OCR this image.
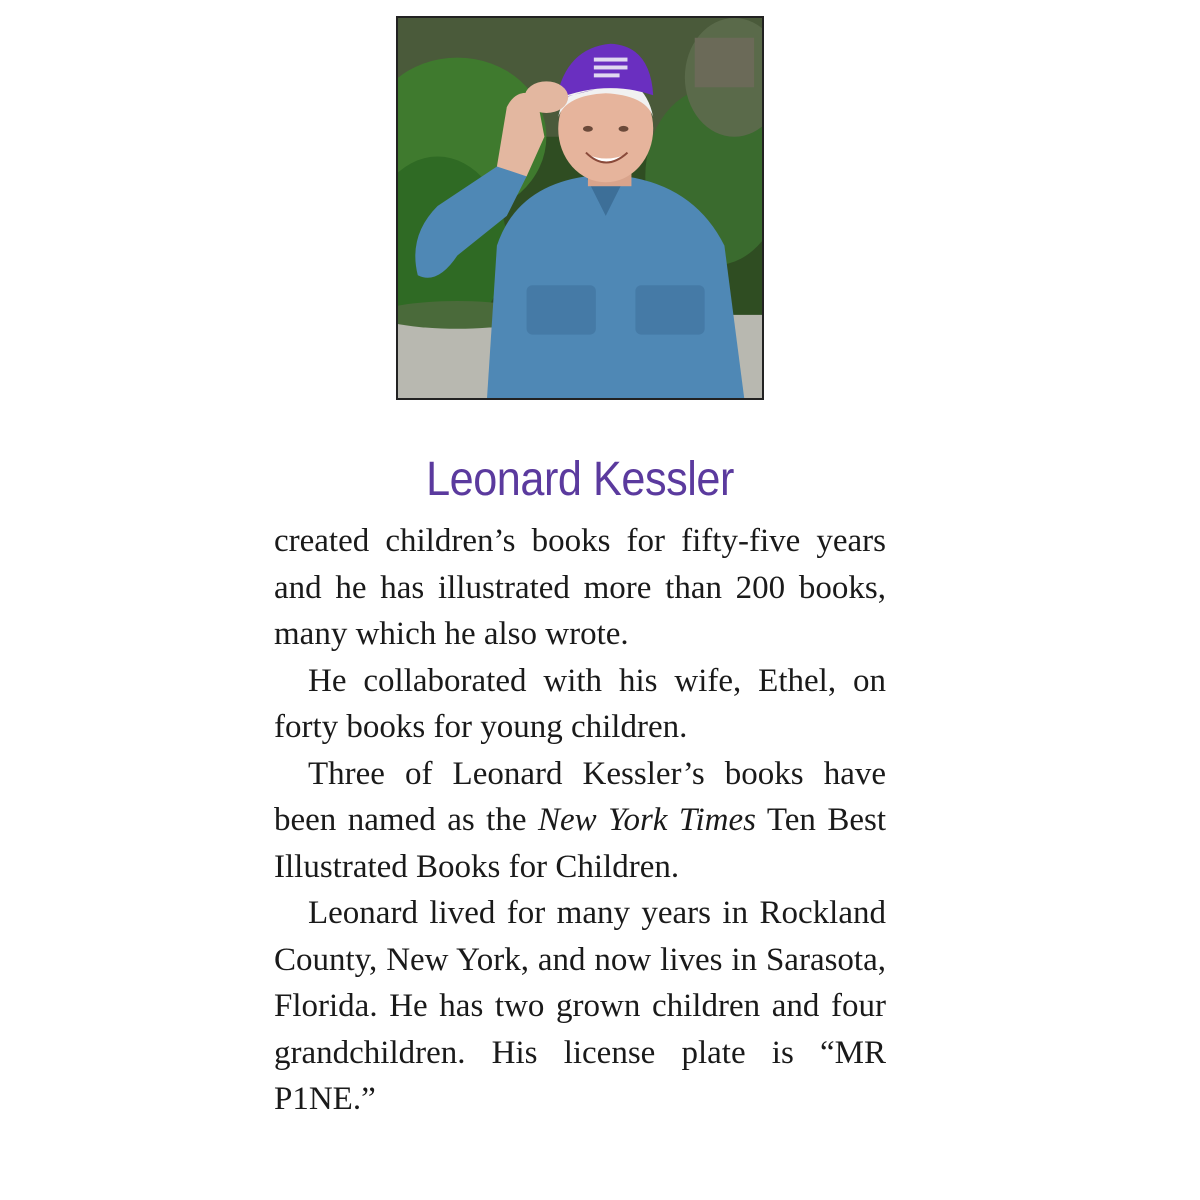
Leonard Kessler

created children’s books for fifty-five years and he has illustrated more than 200 books, many which he also wrote.

He collaborated with his wife, Ethel, on forty books for young children.

Three of Leonard Kessler’s books have been named as the New York Times Ten Best Illustrated Books for Children.

Leonard lived for many years in Rockland County, New York, and now lives in Sarasota, Florida. He has two grown children and four grandchildren. His license plate is “MR P1NE.”
